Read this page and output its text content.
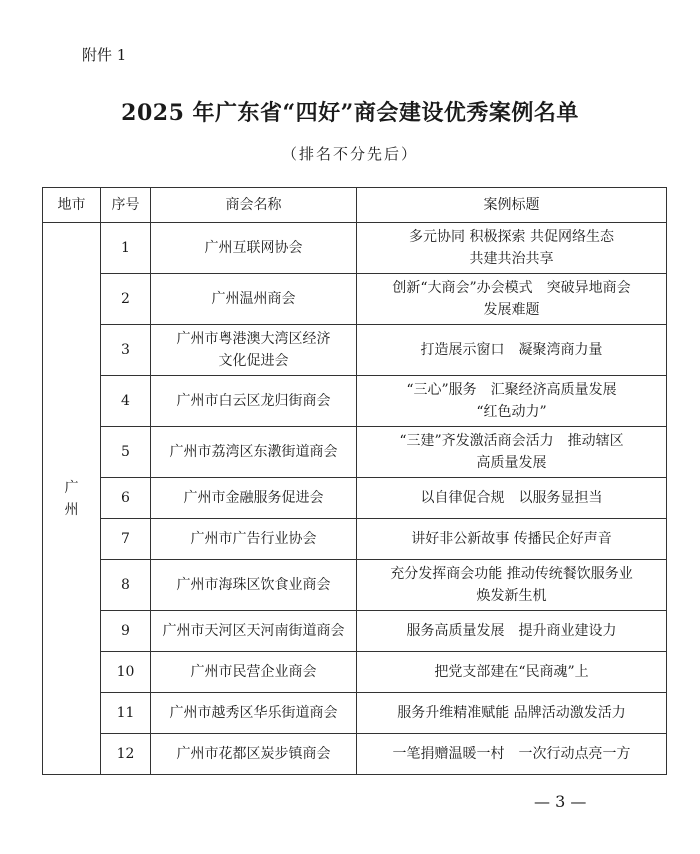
附件 1
2025 年广东省“四好”商会建设优秀案例名单
（排名不分先后）
地市	序号	商会名称	案例标题
广州	1	广州互联网协会	多元协同 积极探索 共促网络生态
共建共治共享

	2	广州温州商会	创新“大商会”办会模式　突破异地商会
发展难题

	3	广州市粤港澳大湾区经济
文化促进会	打造展示窗口　凝聚湾商力量
	4	广州市白云区龙归街商会	“三心”服务　汇聚经济高质量发展
“红色动力”

	5	广州市荔湾区东漖街道商会	“三建”齐发激活商会活力　推动辖区
高质量发展

	6	广州市金融服务促进会	以自律促合规　以服务显担当
	7	广州市广告行业协会	讲好非公新故事 传播民企好声音
	8	广州市海珠区饮食业商会	充分发挥商会功能 推动传统餐饮服务业
焕发新生机

	9	广州市天河区天河南街道商会	服务高质量发展　提升商业建设力
	10	广州市民营企业商会	把党支部建在“民商魂”上
	11	广州市越秀区华乐街道商会	服务升维精准赋能 品牌活动激发活力
	12	广州市花都区炭步镇商会	一笔捐赠温暖一村　一次行动点亮一方
— 3 —
